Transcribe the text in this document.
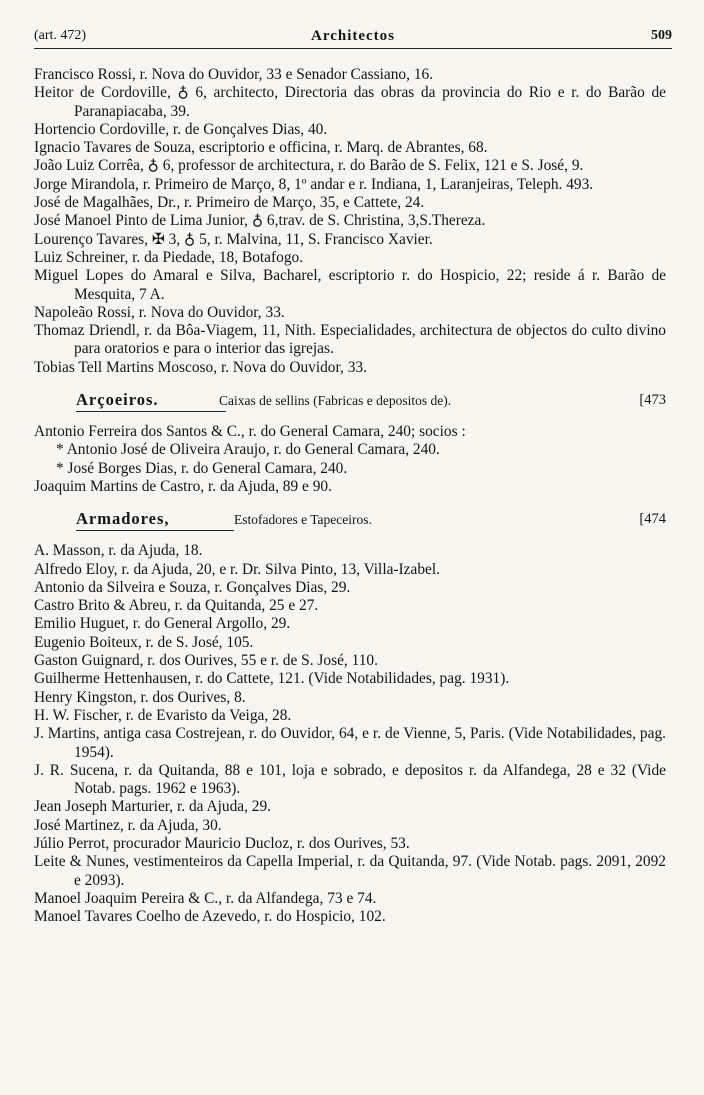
(art. 472)	Architectos	509

Francisco Rossi, r. Nova do Ouvidor, 33 e Senador Cassiano, 16.

Heitor de Cordoville, ♁ 6, architecto, Directoria das obras da provincia do Rio e r. do Barão de Paranapiacaba, 39.

Hortencio Cordoville, r. de Gonçalves Dias, 40.

Ignacio Tavares de Souza, escriptorio e officina, r. Marq. de Abrantes, 68.

João Luiz Corrêa, ♁ 6, professor de architectura, r. do Barão de S. Felix, 121 e S. José, 9.

Jorge Mirandola, r. Primeiro de Março, 8, 1º andar e r. Indiana, 1, Laranjeiras, Teleph. 493.

José de Magalhães, Dr., r. Primeiro de Março, 35, e Cattete, 24.

José Manoel Pinto de Lima Junior, ♁ 6,trav. de S. Christina, 3,S.Thereza.

Lourenço Tavares, ✠ 3, ♁ 5, r. Malvina, 11, S. Francisco Xavier.

Luiz Schreiner, r. da Piedade, 18, Botafogo.

Miguel Lopes do Amaral e Silva, Bacharel, escriptorio r. do Hospicio, 22; reside á r. Barão de Mesquita, 7 A.

Napoleão Rossi, r. Nova do Ouvidor, 33.

Thomaz Driendl, r. da Bôa-Viagem, 11, Nith. Especialidades, architectura de objectos do culto divino para oratorios e para o interior das igrejas.

Tobias Tell Martins Moscoso, r. Nova do Ouvidor, 33.

Arçoeiros.	Caixas de sellins (Fabricas e depositos de).	[473

Antonio Ferreira dos Santos & C., r. do General Camara, 240; socios :

* Antonio José de Oliveira Araujo, r. do General Camara, 240.

* José Borges Dias, r. do General Camara, 240.

Joaquim Martins de Castro, r. da Ajuda, 89 e 90.

Armadores,	Estofadores e Tapeceiros.	[474

A. Masson, r. da Ajuda, 18.

Alfredo Eloy, r. da Ajuda, 20, e r. Dr. Silva Pinto, 13, Villa-Izabel.

Antonio da Silveira e Souza, r. Gonçalves Dias, 29.

Castro Brito & Abreu, r. da Quitanda, 25 e 27.

Emilio Huguet, r. do General Argollo, 29.

Eugenio Boiteux, r. de S. José, 105.

Gaston Guignard, r. dos Ourives, 55 e r. de S. José, 110.

Guilherme Hettenhausen, r. do Cattete, 121. (Vide Notabilidades, pag. 1931).

Henry Kingston, r. dos Ourives, 8.

H. W. Fischer, r. de Evaristo da Veiga, 28.

J. Martins, antiga casa Costrejean, r. do Ouvidor, 64, e r. de Vienne, 5, Paris. (Vide Notabilidades, pag. 1954).

J. R. Sucena, r. da Quitanda, 88 e 101, loja e sobrado, e depositos r. da Alfandega, 28 e 32 (Vide Notab. pags. 1962 e 1963).

Jean Joseph Marturier, r. da Ajuda, 29.

José Martinez, r. da Ajuda, 30.

Júlio Perrot, procurador Mauricio Ducloz, r. dos Ourives, 53.

Leite & Nunes, vestimenteiros da Capella Imperial, r. da Quitanda, 97. (Vide Notab. pags. 2091, 2092 e 2093).

Manoel Joaquim Pereira & C., r. da Alfandega, 73 e 74.

Manoel Tavares Coelho de Azevedo, r. do Hospicio, 102.
